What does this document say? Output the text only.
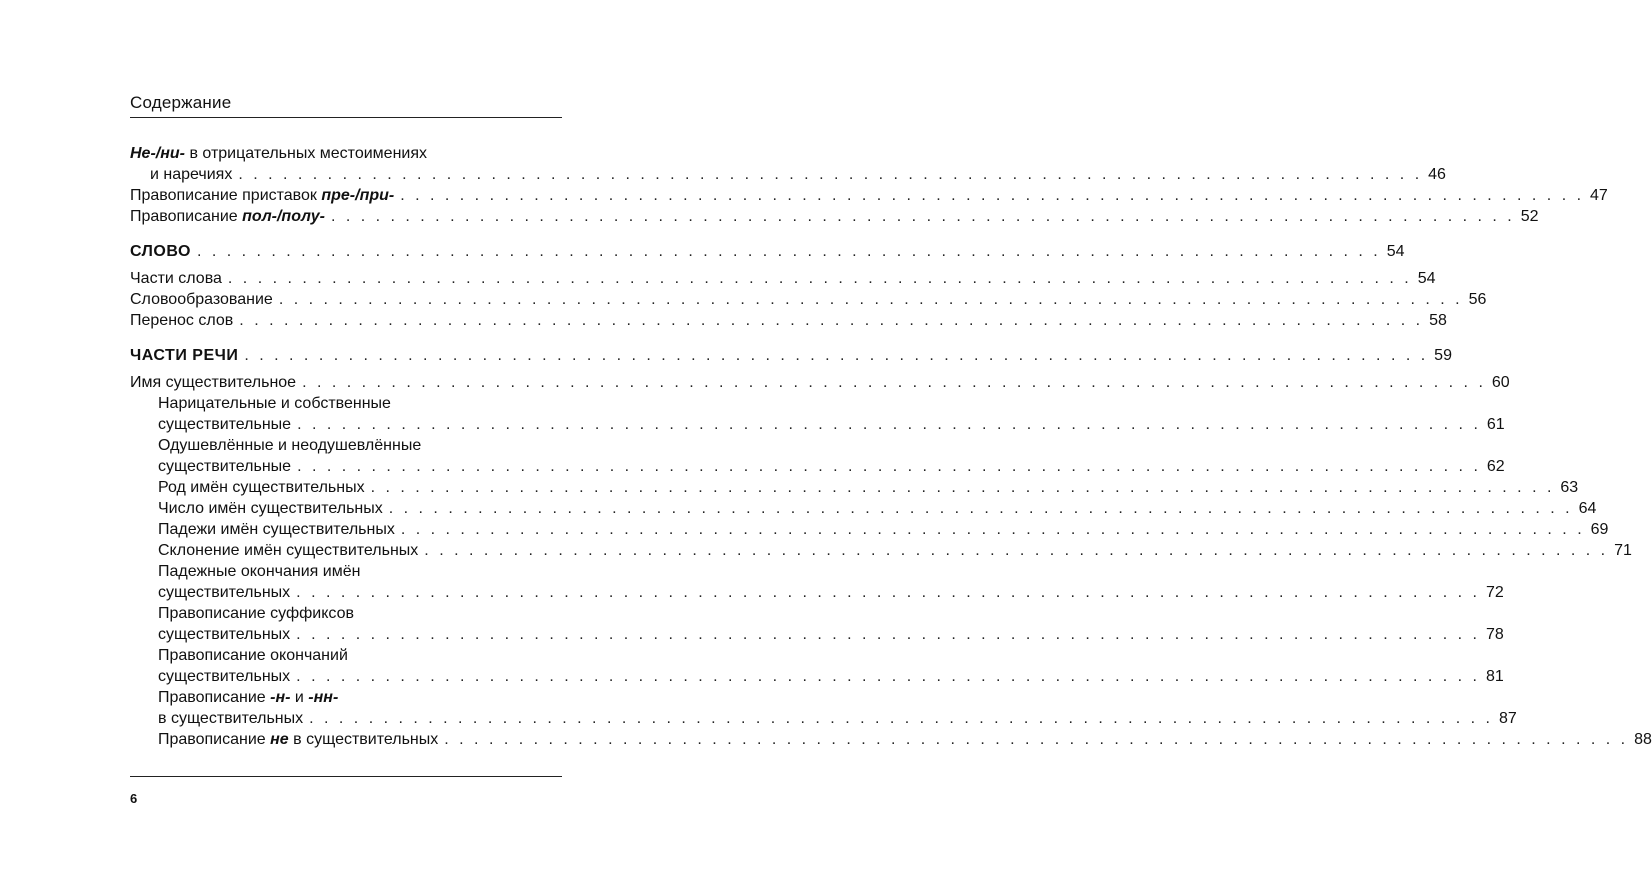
Содержание
Не-/ни- в отрицательных местоимениях
и наречиях . . . . . . . . . . . . . . . . . . . . . . . . . . . . . . . . . . . . . . . . . . . . . . . . . . . . . . . . . . . . . . . . . . . . . . . . . . . . . . . . 46
Правописание приставок пре-/при- . . . . . . . . . . . . . . . . . . . . . . . . . . . . . . . . . . . . . . . . . . . . . . . . . . . . . . . . . . . . . . . . . . . . . . . . . . . . . . . . 47
Правописание пол-/полу- . . . . . . . . . . . . . . . . . . . . . . . . . . . . . . . . . . . . . . . . . . . . . . . . . . . . . . . . . . . . . . . . . . . . . . . . . . . . . . . . 52
СЛОВО . . . . . . . . . . . . . . . . . . . . . . . . . . . . . . . . . . . . . . . . . . . . . . . . . . . . . . . . . . . . . . . . . . . . . . . . . . . . . . . . 54
Части слова . . . . . . . . . . . . . . . . . . . . . . . . . . . . . . . . . . . . . . . . . . . . . . . . . . . . . . . . . . . . . . . . . . . . . . . . . . . . . . . . 54
Словообразование . . . . . . . . . . . . . . . . . . . . . . . . . . . . . . . . . . . . . . . . . . . . . . . . . . . . . . . . . . . . . . . . . . . . . . . . . . . . . . . . 56
Перенос слов . . . . . . . . . . . . . . . . . . . . . . . . . . . . . . . . . . . . . . . . . . . . . . . . . . . . . . . . . . . . . . . . . . . . . . . . . . . . . . . . 58
ЧАСТИ РЕЧИ . . . . . . . . . . . . . . . . . . . . . . . . . . . . . . . . . . . . . . . . . . . . . . . . . . . . . . . . . . . . . . . . . . . . . . . . . . . . . . . . 59
Имя существительное . . . . . . . . . . . . . . . . . . . . . . . . . . . . . . . . . . . . . . . . . . . . . . . . . . . . . . . . . . . . . . . . . . . . . . . . . . . . . . . . 60
Нарицательные и собственные
существительные . . . . . . . . . . . . . . . . . . . . . . . . . . . . . . . . . . . . . . . . . . . . . . . . . . . . . . . . . . . . . . . . . . . . . . . . . . . . . . . . 61
Одушевлённые и неодушевлённые
существительные . . . . . . . . . . . . . . . . . . . . . . . . . . . . . . . . . . . . . . . . . . . . . . . . . . . . . . . . . . . . . . . . . . . . . . . . . . . . . . . . 62
Род имён существительных . . . . . . . . . . . . . . . . . . . . . . . . . . . . . . . . . . . . . . . . . . . . . . . . . . . . . . . . . . . . . . . . . . . . . . . . . . . . . . . . 63
Число имён существительных . . . . . . . . . . . . . . . . . . . . . . . . . . . . . . . . . . . . . . . . . . . . . . . . . . . . . . . . . . . . . . . . . . . . . . . . . . . . . . . . 64
Падежи имён существительных . . . . . . . . . . . . . . . . . . . . . . . . . . . . . . . . . . . . . . . . . . . . . . . . . . . . . . . . . . . . . . . . . . . . . . . . . . . . . . . . 69
Склонение имён существительных . . . . . . . . . . . . . . . . . . . . . . . . . . . . . . . . . . . . . . . . . . . . . . . . . . . . . . . . . . . . . . . . . . . . . . . . . . . . . . . . 71
Падежные окончания имён
существительных . . . . . . . . . . . . . . . . . . . . . . . . . . . . . . . . . . . . . . . . . . . . . . . . . . . . . . . . . . . . . . . . . . . . . . . . . . . . . . . . 72
Правописание суффиксов
существительных . . . . . . . . . . . . . . . . . . . . . . . . . . . . . . . . . . . . . . . . . . . . . . . . . . . . . . . . . . . . . . . . . . . . . . . . . . . . . . . . 78
Правописание окончаний
существительных . . . . . . . . . . . . . . . . . . . . . . . . . . . . . . . . . . . . . . . . . . . . . . . . . . . . . . . . . . . . . . . . . . . . . . . . . . . . . . . . 81
Правописание -н- и -нн-
в существительных . . . . . . . . . . . . . . . . . . . . . . . . . . . . . . . . . . . . . . . . . . . . . . . . . . . . . . . . . . . . . . . . . . . . . . . . . . . . . . . . 87
Правописание не в существительных . . . . . . . . . . . . . . . . . . . . . . . . . . . . . . . . . . . . . . . . . . . . . . . . . . . . . . . . . . . . . . . . . . . . . . . . . . . . . . . . 88
6
